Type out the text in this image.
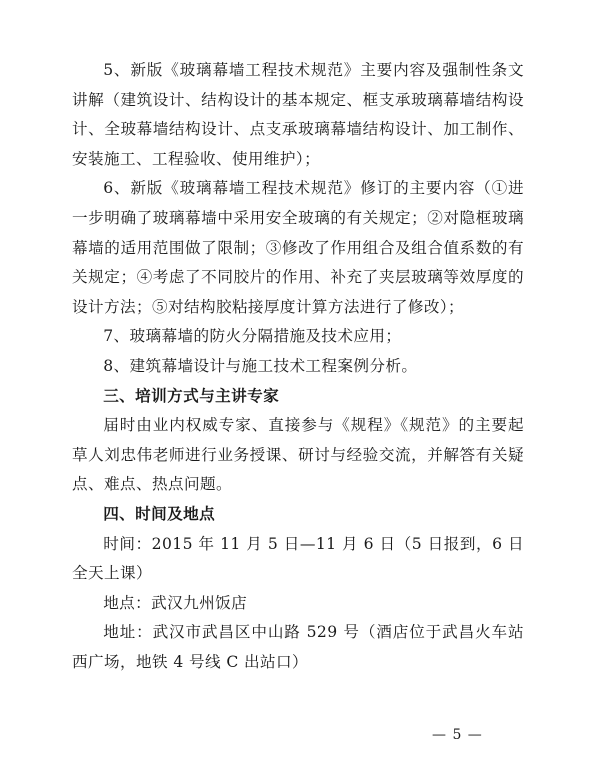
5、新版《玻璃幕墙工程技术规范》主要内容及强制性条文讲解（建筑设计、结构设计的基本规定、框支承玻璃幕墙结构设计、全玻幕墙结构设计、点支承玻璃幕墙结构设计、加工制作、安装施工、工程验收、使用维护）；

6、新版《玻璃幕墙工程技术规范》修订的主要内容（①进一步明确了玻璃幕墙中采用安全玻璃的有关规定；②对隐框玻璃幕墙的适用范围做了限制；③修改了作用组合及组合值系数的有关规定；④考虑了不同胶片的作用、补充了夹层玻璃等效厚度的设计方法；⑤对结构胶粘接厚度计算方法进行了修改）；

7、玻璃幕墙的防火分隔措施及技术应用；

8、建筑幕墙设计与施工技术工程案例分析。

三、培训方式与主讲专家

届时由业内权威专家、直接参与《规程》《规范》的主要起草人刘忠伟老师进行业务授课、研讨与经验交流，并解答有关疑点、难点、热点问题。

四、时间及地点

时间：2015 年 11 月 5 日—11 月 6 日（5 日报到，6 日全天上课）

地点：武汉九州饭店

地址：武汉市武昌区中山路 529 号（酒店位于武昌火车站西广场，地铁 4 号线 C 出站口）

— 5 —
